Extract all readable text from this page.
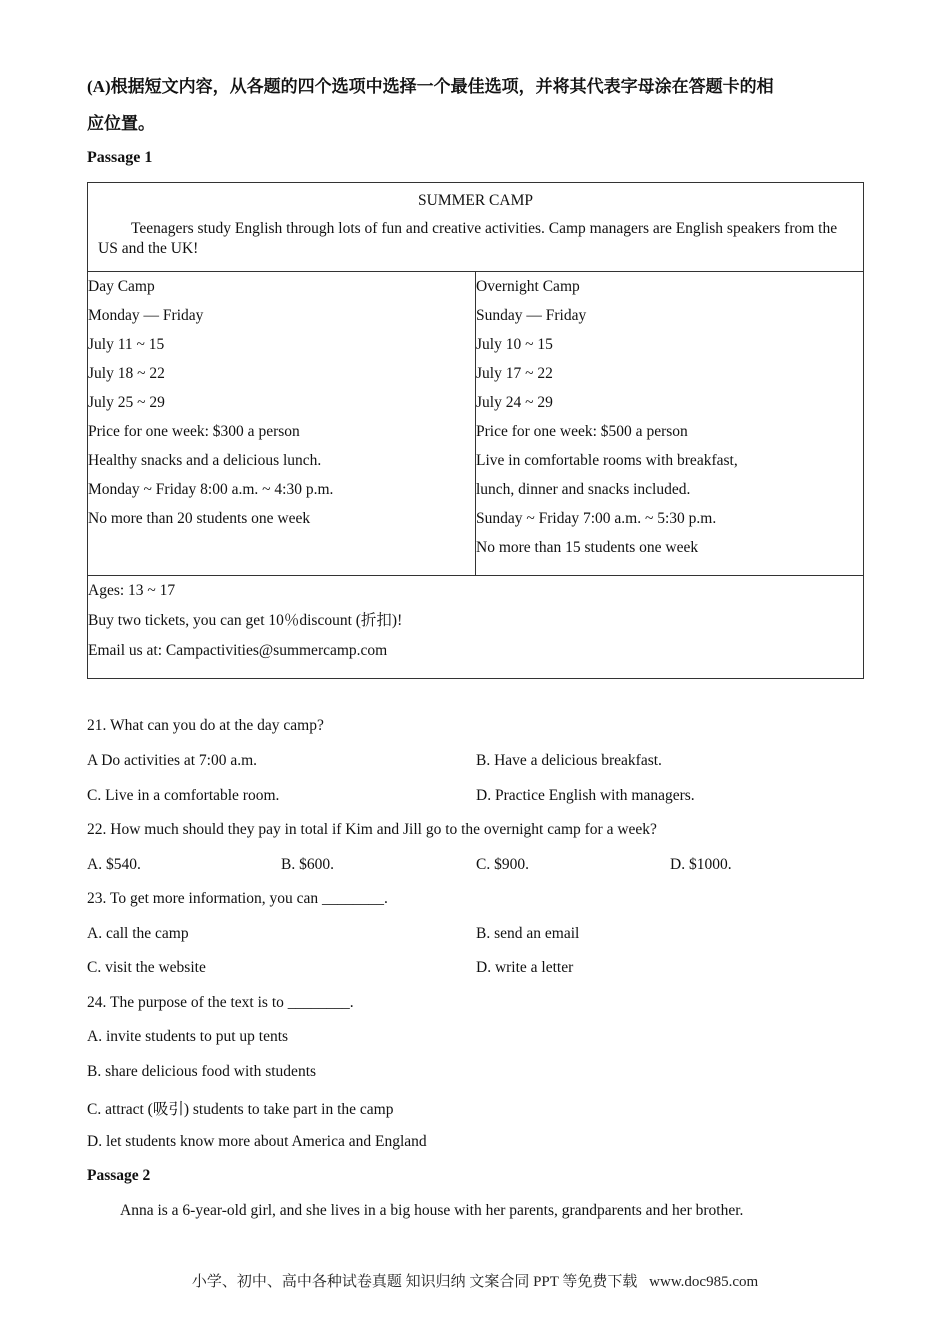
(A)根据短文内容，从各题的四个选项中选择一个最佳选项，并将其代表字母涂在答题卡的相
应位置。
Passage 1
SUMMER CAMP
Teenagers study English through lots of fun and creative activities. Camp managers are English speakers from the US and the UK!

Day Camp

Monday — Friday

July 11 ~ 15

July 18 ~ 22

July 25 ~ 29

Price for one week: $300 a person

Healthy snacks and a delicious lunch.

Monday ~ Friday 8:00 a.m. ~ 4:30 p.m.

No more than 20 students one week

Overnight Camp

Sunday — Friday

July 10 ~ 15

July 17 ~ 22

July 24 ~ 29

Price for one week: $500 a person

Live in comfortable rooms with breakfast,

lunch, dinner and snacks included.

Sunday ~ Friday 7:00 a.m. ~ 5:30 p.m.

No more than 15 students one week

Ages: 13 ~ 17

Buy two tickets, you can get 10％discount (折扣)!

Email us at: Campactivities@summercamp.com

21. What can you do at the day camp?
A Do activities at 7:00 a.m.	B. Have a delicious breakfast.
C. Live in a comfortable room.	D. Practice English with managers.
22. How much should they pay in total if Kim and Jill go to the overnight camp for a week?
A. $540.	B. $600.	C. $900.	D. $1000.
23. To get more information, you can ________.
A. call the camp	B. send an email
C. visit the website	D. write a letter
24. The purpose of the text is to ________.
A. invite students to put up tents
B. share delicious food with students
C. attract (吸引) students to take part in the camp
D. let students know more about America and England
Passage 2
Anna is a 6-year-old girl, and she lives in a big house with her parents, grandparents and her brother.
小学、初中、高中各种试卷真题 知识归纳 文案合同 PPT 等免费下载 www.doc985.com
